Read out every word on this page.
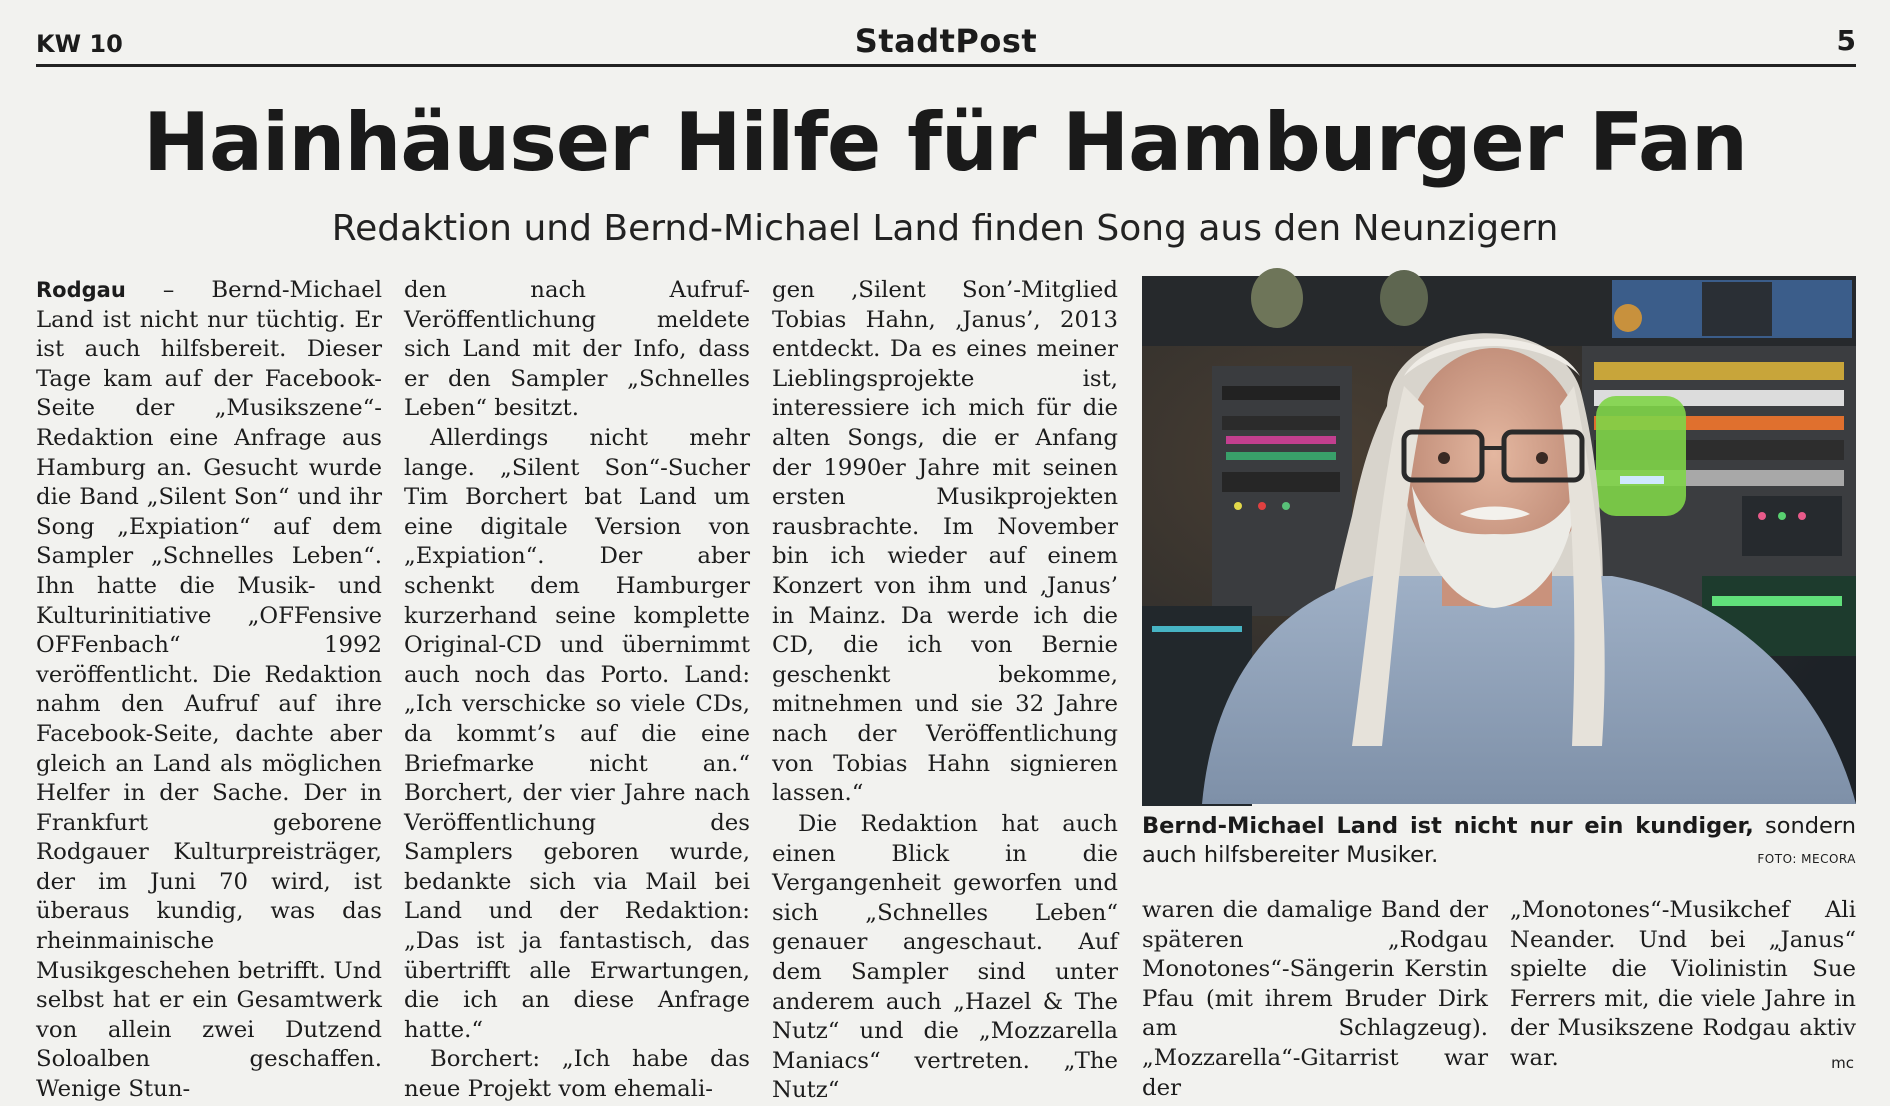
KW 10	StadtPost	5
Hainhäuser Hilfe für Hamburger Fan
Redaktion und Bernd-Michael Land finden Song aus den Neunzigern

Rodgau – Bernd-Michael Land ist nicht nur tüchtig. Er ist auch hilfsbereit. Dieser Tage kam auf der Facebook-Seite der „Musikszene“-Redaktion eine Anfrage aus Hamburg an. Gesucht wurde die Band „Silent Son“ und ihr Song „Expiation“ auf dem Sampler „Schnelles Leben“. Ihn hatte die Musik- und Kulturinitiative „OFFensive OFFenbach“ 1992 veröffentlicht. Die Redaktion nahm den Aufruf auf ihre Facebook-Seite, dachte aber gleich an Land als möglichen Helfer in der Sache. Der in Frankfurt geborene Rodgauer Kulturpreisträger, der im Juni 70 wird, ist überaus kundig, was das rheinmainische Musikgeschehen betrifft. Und selbst hat er ein Gesamtwerk von allein zwei Dutzend Soloalben geschaffen. Wenige Stun-

den nach Aufruf-Veröffentlichung meldete sich Land mit der Info, dass er den Sampler „Schnelles Leben“ besitzt.

Allerdings nicht mehr lange. „Silent Son“-Sucher Tim Borchert bat Land um eine digitale Version von „Expiation“. Der aber schenkt dem Hamburger kurzerhand seine komplette Original-CD und übernimmt auch noch das Porto. Land: „Ich verschicke so viele CDs, da kommt’s auf die eine Briefmarke nicht an.“ Borchert, der vier Jahre nach Veröffentlichung des Samplers geboren wurde, bedankte sich via Mail bei Land und der Redaktion: „Das ist ja fantastisch, das übertrifft alle Erwartungen, die ich an diese Anfrage hatte.“

Borchert: „Ich habe das neue Projekt vom ehemali-

gen ‚Silent Son’-Mitglied Tobias Hahn, ‚Janus’, 2013 entdeckt. Da es eines meiner Lieblingsprojekte ist, interessiere ich mich für die alten Songs, die er Anfang der 1990er Jahre mit seinen ersten Musikprojekten rausbrachte. Im November bin ich wieder auf einem Konzert von ihm und ‚Janus’ in Mainz. Da werde ich die CD, die ich von Bernie geschenkt bekomme, mitnehmen und sie 32 Jahre nach der Veröffentlichung von Tobias Hahn signieren lassen.“

Die Redaktion hat auch einen Blick in die Vergangenheit geworfen und sich „Schnelles Leben“ genauer angeschaut. Auf dem Sampler sind unter anderem auch „Hazel & The Nutz“ und die „Mozzarella Maniacs“ vertreten. „The Nutz“

Bernd-Michael Land ist nicht nur ein kundiger, sondern auch hilfsbereiter Musiker.	FOTO: MECORA

waren die damalige Band der späteren „Rodgau Monotones“-Sängerin Kerstin Pfau (mit ihrem Bruder Dirk am Schlagzeug). „Mozzarella“-Gitarrist war der

„Monotones“-Musikchef Ali Neander. Und bei „Janus“ spielte die Violinistin Sue Ferrers mit, die viele Jahre in der Musikszene Rodgau aktiv war.	mc
